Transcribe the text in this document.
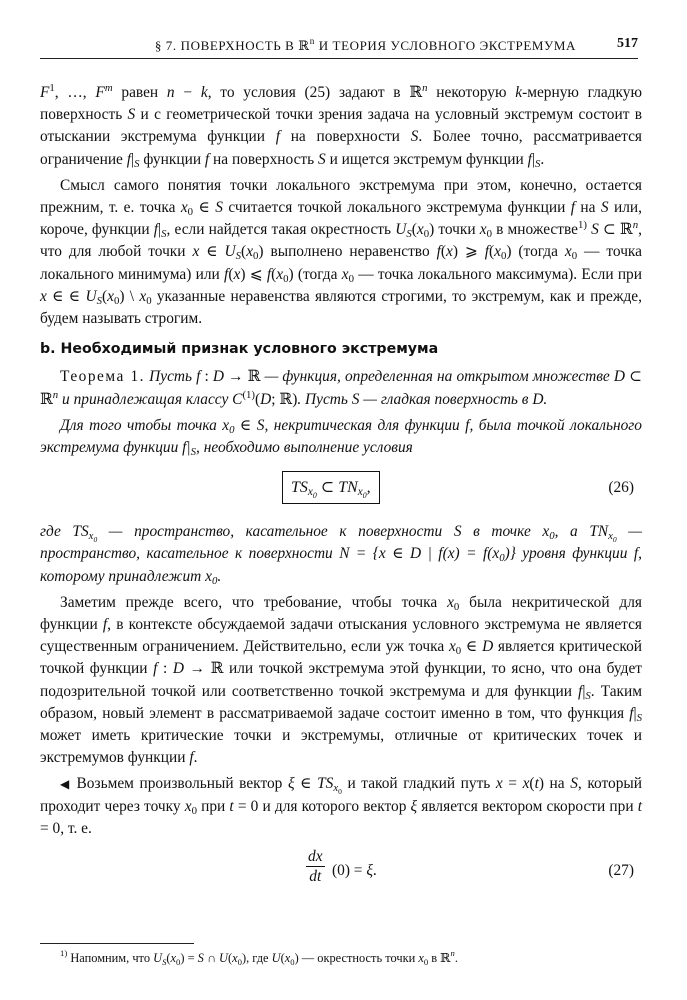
§ 7. ПОВЕРХНОСТЬ В ℝ$^n$ И ТЕОРИЯ УСЛОВНОГО ЭКСТРЕМУМА	517

$F^1$, …, $F^m$ равен n − k, то условия (25) задают в ℝ$^n$ некоторую k-мерную гладкую поверхность S и с геометрической точки зрения задача на условный экстремум состоит в отыскании экстремума функции f на поверхности S. Более точно, рассматривается ограничение $f|_S$ функции f на поверхность S и ищется экстремум функции $f|_S$.

Смысл самого понятия точки локального экстремума при этом, конечно, остается прежним, т. е. точка $x_0$ ∈ S считается точкой локального экстремума функции f на S или, короче, функции $f|_S$, если найдется такая окрестность $U_S(x_0)$ точки $x_0$ в множестве$^{1)}$ S ⊂ ℝ$^n$, что для любой точки x ∈ $U_S(x_0)$ выполнено неравенство f(x) ⩾ $f(x_0)$ (тогда $x_0$ — точка локального минимума) или f(x) ⩽ $f(x_0)$ (тогда $x_0$ — точка локального максимума). Если при x ∈ ∈ $U_S(x_0)$ \ $x_0$ указанные неравенства являются строгими, то экстремум, как и прежде, будем называть строгим.

b. Необходимый признак условного экстремума

Теорема 1. Пусть f : D → ℝ — функция, определенная на открытом множестве D ⊂ ℝ$^n$ и принадлежащая классу $C^{(1)}(D$; ℝ). Пусть S — гладкая поверхность в D.

Для того чтобы точка $x_0$ ∈ S, некритическая для функции f, была точкой локального экстремума функции $f|_S$, необходимо выполнение условия

$TS_{x_0}$ ⊂ $TN_{x_0}$,	(26)

где $TS_{x_0}$ — пространство, касательное к поверхности S в точке $x_0$, а $TN_{x_0}$ — пространство, касательное к поверхности N = {x ∈ D | $f(x) = f(x_0)$} уровня функции f, которому принадлежит $x_0$.

Заметим прежде всего, что требование, чтобы точка $x_0$ была некритической для функции f, в контексте обсуждаемой задачи отыскания условного экстремума не является существенным ограничением. Действительно, если уж точка $x_0$ ∈ D является критической точкой функции f : D → ℝ или точкой экстремума этой функции, то ясно, что она будет подозрительной точкой или соответственно точкой экстремума и для функции $f|_S$. Таким образом, новый элемент в рассматриваемой задаче состоит именно в том, что функция $f|_S$ может иметь критические точки и экстремумы, отличные от критических точек и экстремумов функции f.

◀ Возьмем произвольный вектор ξ ∈ $TS_{x_0}$ и такой гладкий путь x = x(t) на S, который проходит через точку $x_0$ при t = 0 и для которого вектор ξ является вектором скорости при t = 0, т. е.

$\frac{dx}{dt} (0) = \xi$.	(27)
$^{1)}$ Напомним, что $U_S(x_0) = S$ ∩ $U(x_0)$, где $U(x_0)$ — окрестность точки $x_0$ в ℝ$^n$.
